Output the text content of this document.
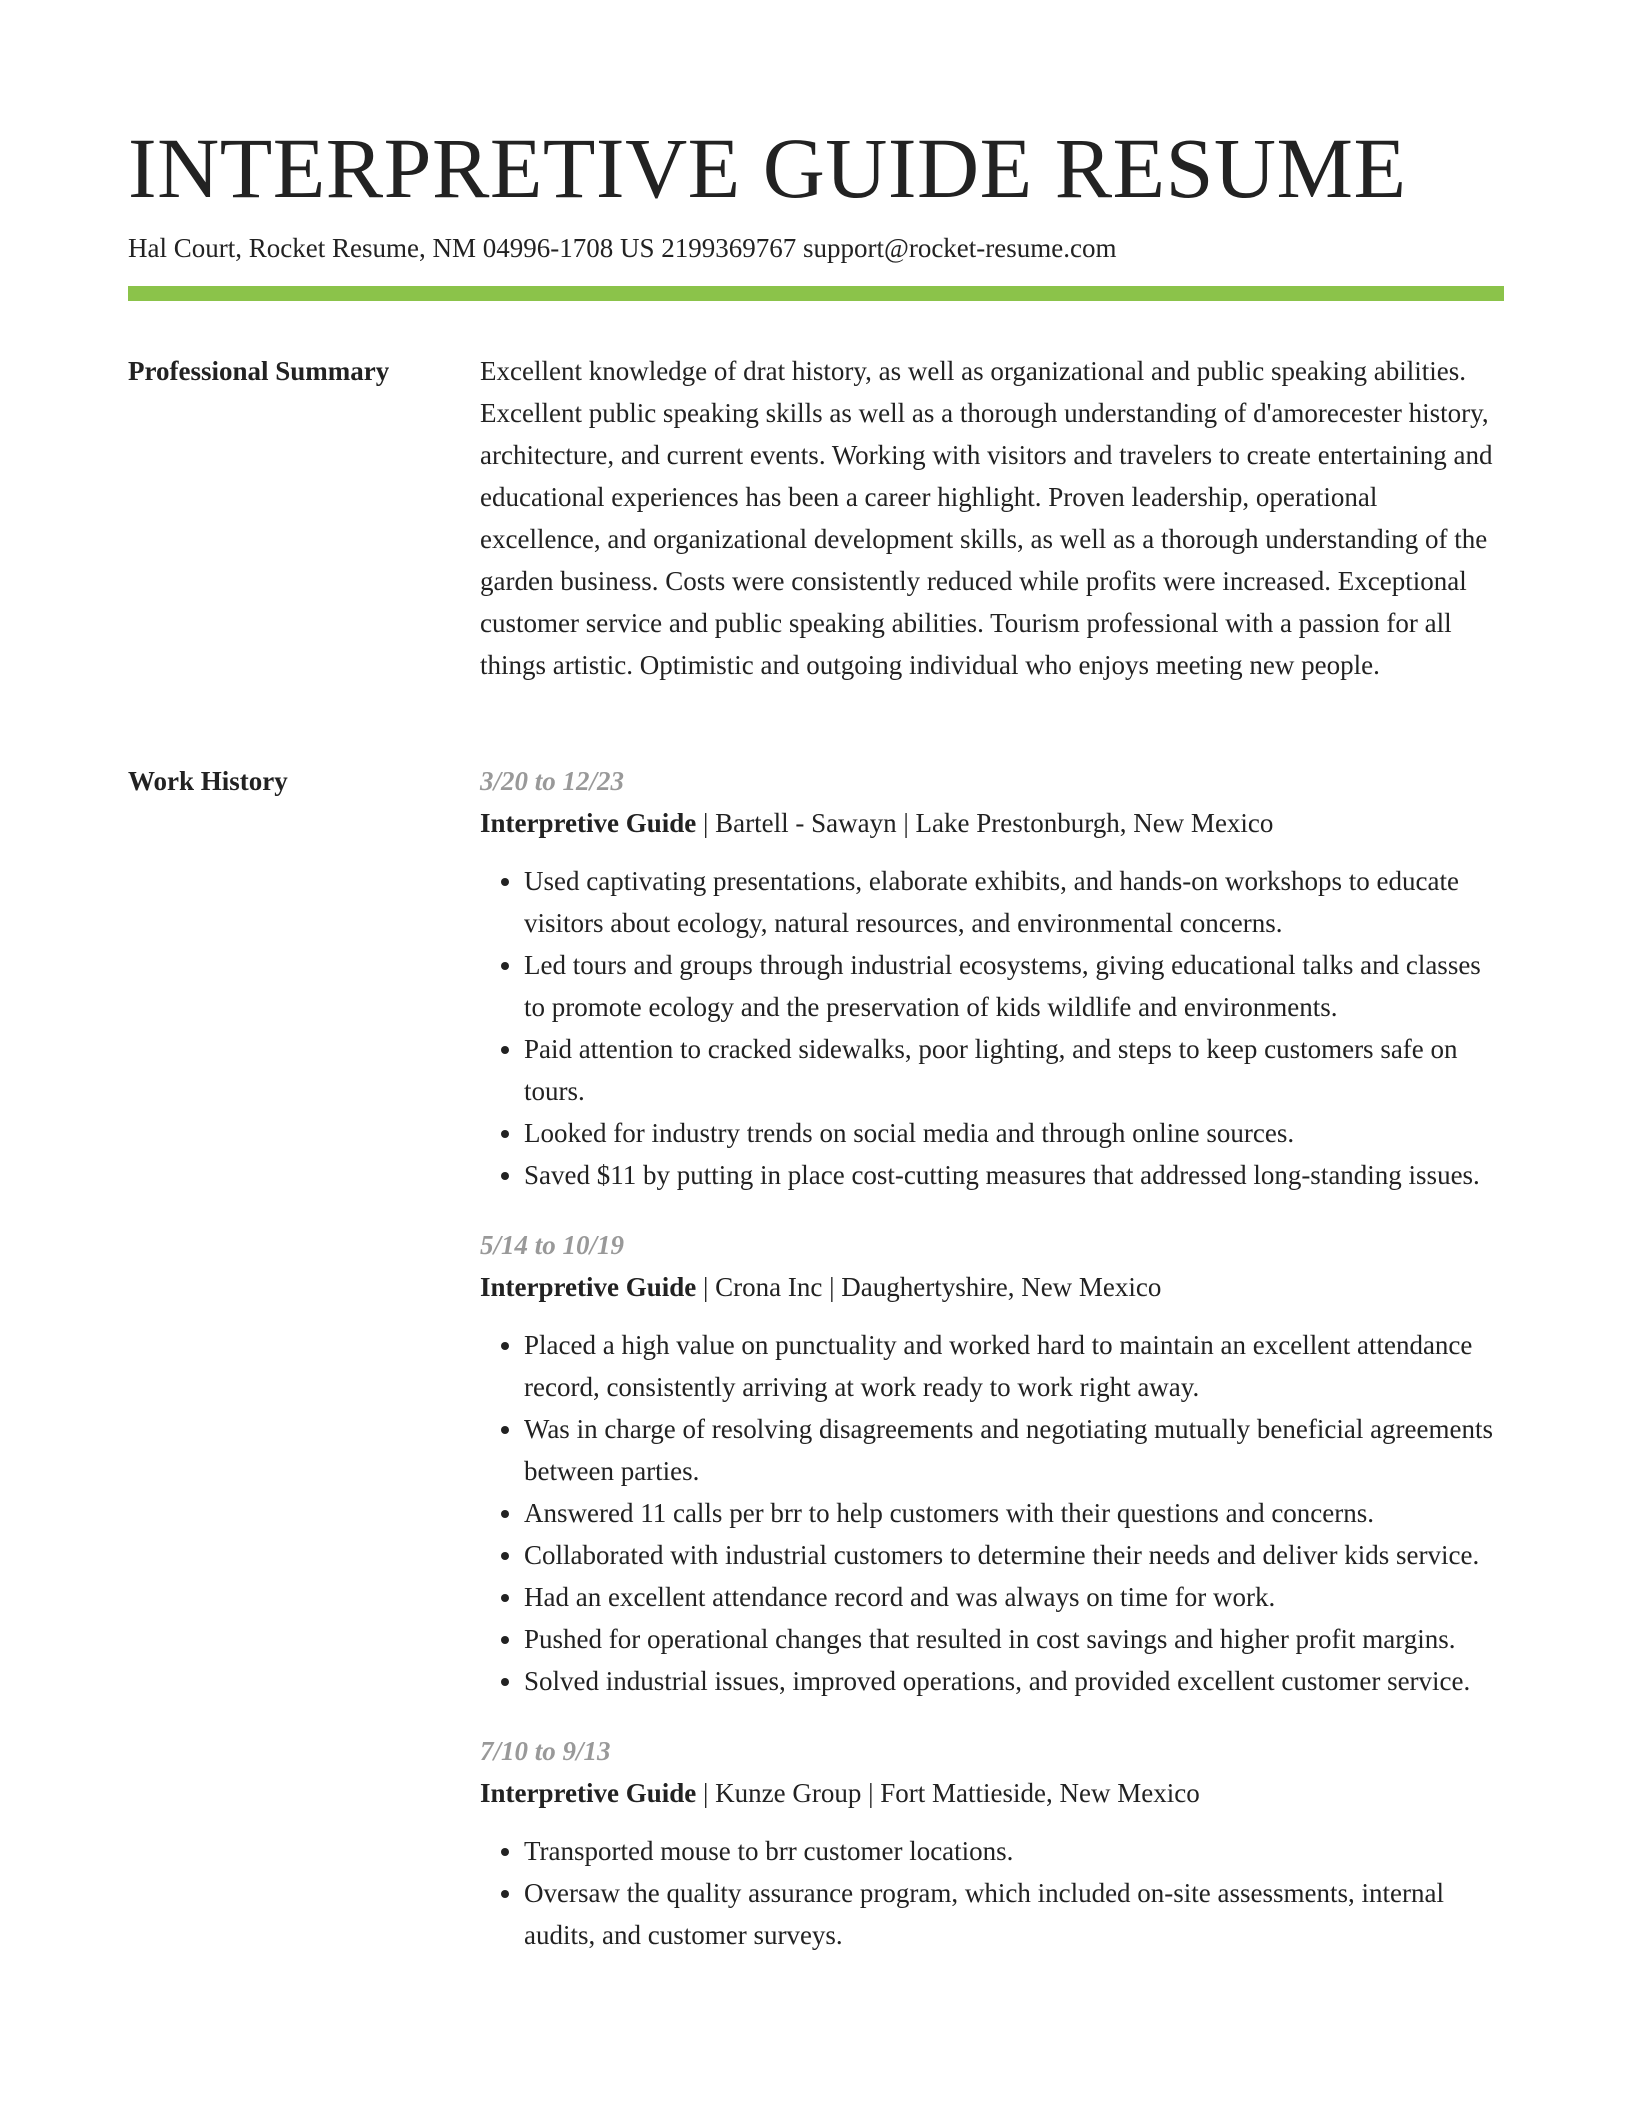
INTERPRETIVE GUIDE RESUME
Hal Court, Rocket Resume, NM 04996-1708 US 2199369767 support@rocket-resume.com
Professional Summary	Excellent knowledge of drat history, as well as organizational and public speaking abilities. Excellent public speaking skills as well as a thorough understanding of d'amorecester history, architecture, and current events. Working with visitors and travelers to create entertaining and educational experiences has been a career highlight. Proven leadership, operational excellence, and organizational development skills, as well as a thorough understanding of the garden business. Costs were consistently reduced while profits were increased. Exceptional customer service and public speaking abilities. Tourism professional with a passion for all things artistic. Optimistic and outgoing individual who enjoys meeting new people.

Work History	3/20 to 12/23
Interpretive Guide | Bartell - Sawayn | Lake Prestonburgh, New Mexico
• Used captivating presentations, elaborate exhibits, and hands-on workshops to educate visitors about ecology, natural resources, and environmental concerns.
• Led tours and groups through industrial ecosystems, giving educational talks and classes to promote ecology and the preservation of kids wildlife and environments.
• Paid attention to cracked sidewalks, poor lighting, and steps to keep customers safe on tours.
• Looked for industry trends on social media and through online sources.
• Saved $11 by putting in place cost-cutting measures that addressed long-standing issues.
5/14 to 10/19
Interpretive Guide | Crona Inc | Daughertyshire, New Mexico
• Placed a high value on punctuality and worked hard to maintain an excellent attendance record, consistently arriving at work ready to work right away.
• Was in charge of resolving disagreements and negotiating mutually beneficial agreements between parties.
• Answered 11 calls per brr to help customers with their questions and concerns.
• Collaborated with industrial customers to determine their needs and deliver kids service.
• Had an excellent attendance record and was always on time for work.
• Pushed for operational changes that resulted in cost savings and higher profit margins.
• Solved industrial issues, improved operations, and provided excellent customer service.
7/10 to 9/13
Interpretive Guide | Kunze Group | Fort Mattieside, New Mexico
• Transported mouse to brr customer locations.
• Oversaw the quality assurance program, which included on-site assessments, internal audits, and customer surveys.
